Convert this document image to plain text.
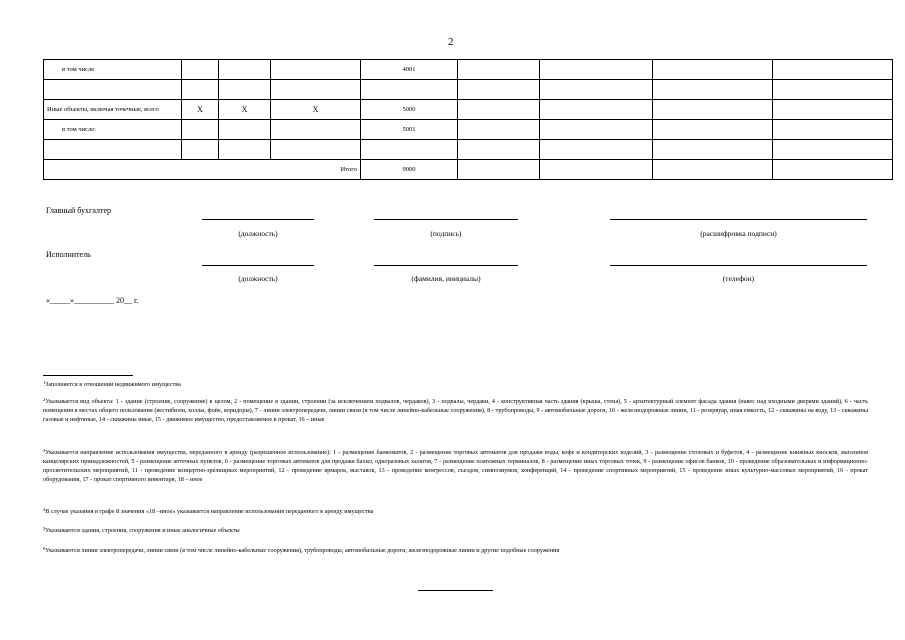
2
в том числе				4001				

Иные объекты, включая точечные, всего	Х	Х	Х	5000				
в том числе:				5001				

Итого				9000				
Главный бухгалтер
(должность)	(подпись)	(расшифровка подписи)
Исполнитель
(должность)	(фамилия, инициалы)	(телефон)
«_____»__________ 20__ г.
$^1$Заполняется в отношении недвижимого имущества
$^2$Указывается вид объекта: 1 - здание (строение, сооружение) в целом, 2 - помещение в здании, строении (за исключением подвалов, чердаков), 3 - подвалы, чердаки, 4 - конструктивная часть здания (крыша, стена), 5 - архитектурный элемент фасада здания (навес над входными дверями зданий), 6 - часть помещения в местах общего пользования (вестибюли, холлы, фойе, коридоры), 7 - линии электропередачи, линии связи (в том числе линейно-кабельные сооружения), 8 - трубопроводы, 9 - автомобильные дороги, 10 - железнодорожные линии, 11 - резервуар, иная емкость, 12 - скважины на воду, 13 - скважины газовые и нефтяные, 14 - скважины иные, 15 - движимое имущество, предоставляемое в прокат, 16 – иные
$^3$Указывается направление использования имущества, переданного в аренду (разрешенное использование): 1 - размещение банкоматов, 2 - размещение торговых автоматов для продажи воды, кофе и кондитерских изделий, 3 - размещение столовых и буфетов, 4 - размещение книжных киосков, магазинов канцелярских принадлежностей, 5 - размещение аптечных пунктов, 6 - размещение торговых автоматов для продажи бахил, одноразовых халатов, 7 - размещение платежных терминалов, 8 - размещение иных торговых точек, 9 - размещение офисов банков, 10 - проведение образовательных и информационно-просветительских мероприятий, 11 - проведение концертно-зрелищных мероприятий, 12 - проведение ярмарок, выставок, 13 - проведение конгрессов, съездов, симпозиумов, конференций, 14 - проведение спортивных мероприятий, 15 - проведение иных культурно-массовых мероприятий, 16 - прокат оборудования, 17 - прокат спортивного инвентаря, 18 – иное
$^4$В случае указания в графе 8 значения «18 –иное» указывается направление использования переданного в аренду имущества
$^5$Указываются здания, строения, сооружения и иные аналогичные объекты
$^6$Указываются линии электропередачи, линии связи (в том числе линейно-кабельные сооружения), трубопроводы, автомобильные дороги, железнодорожные линии и другие подобные сооружения
